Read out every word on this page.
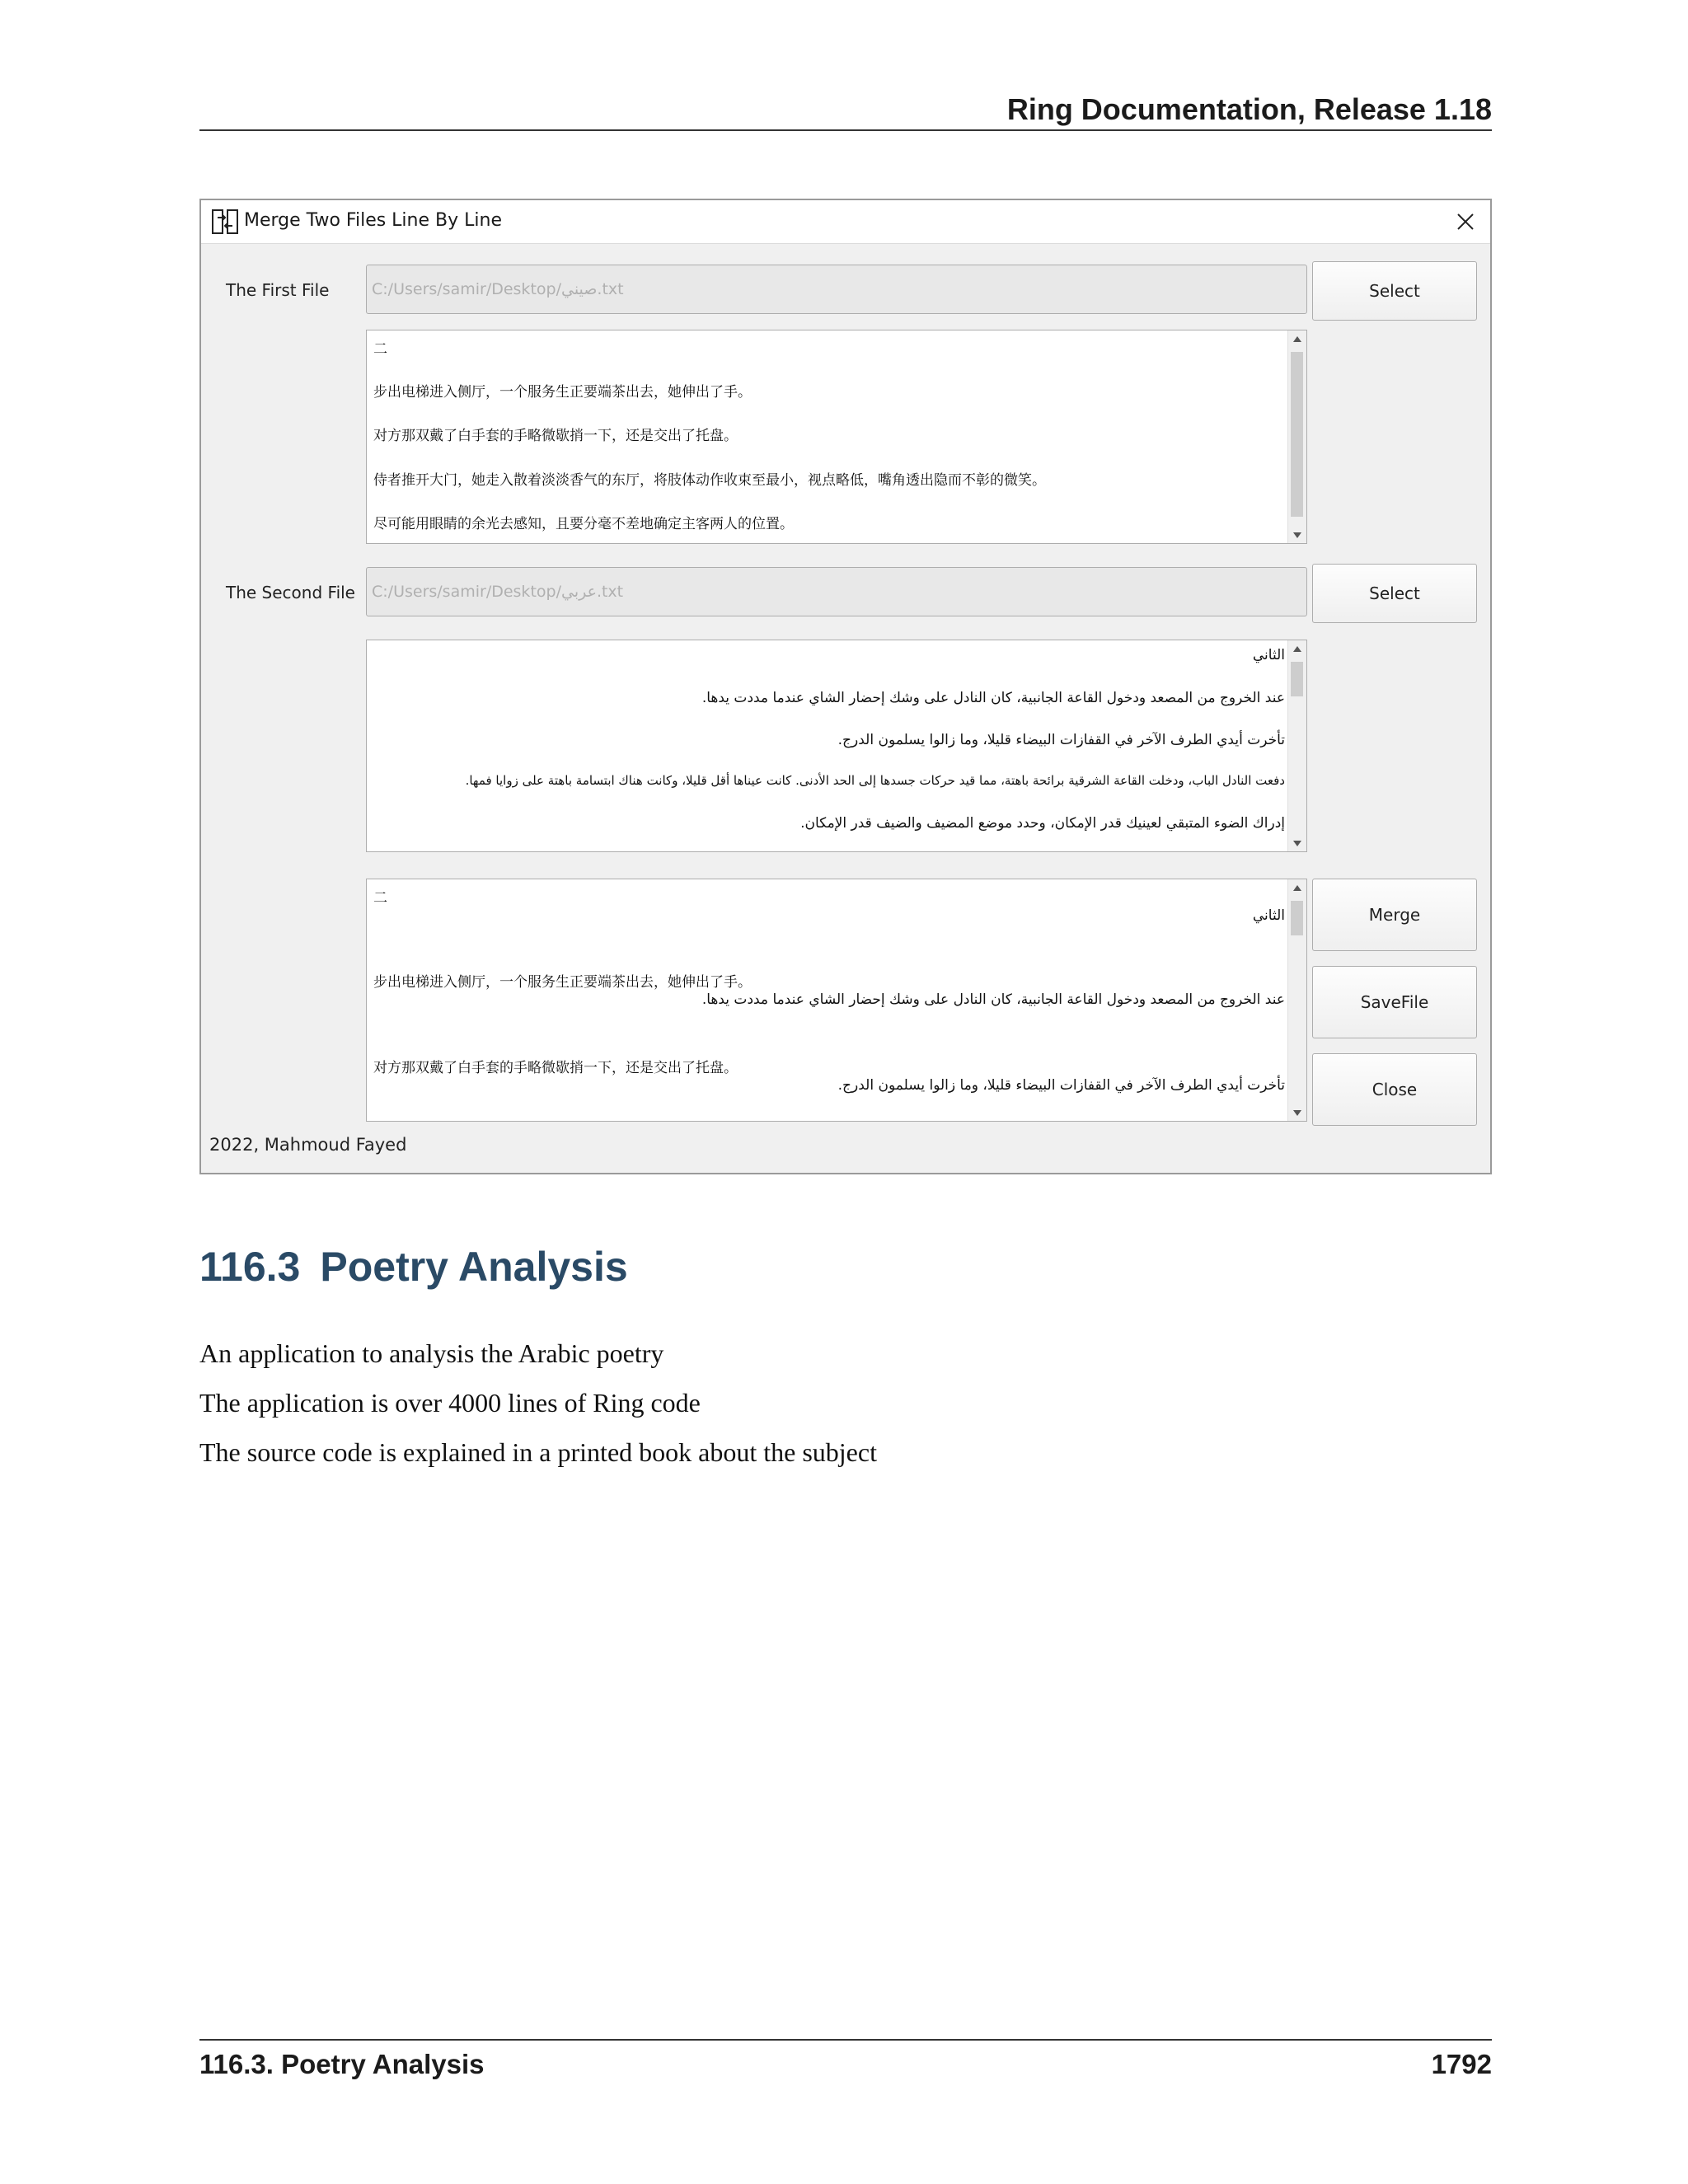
Ring Documentation, Release 1.18
Merge Two Files Line By Line
The First File	C:/Users/samir/Desktop/صيني.txt	Select
二
步出电梯进入侧厅，一个服务生正要端茶出去，她伸出了手。
对方那双戴了白手套的手略微歇捎一下，还是交出了托盘。
侍者推开大门，她走入散着淡淡香气的东厅，将肢体动作收束至最小，视点略低，嘴角透出隐而不彰的微笑。
尽可能用眼睛的余光去感知，且要分毫不差地确定主客两人的位置。
The Second File	C:/Users/samir/Desktop/عربي.txt	Select
الثاني
عند الخروج من المصعد ودخول القاعة الجانبية، كان النادل على وشك إحضار الشاي عندما مددت يدها.
تأخرت أيدي الطرف الآخر في القفازات البيضاء قليلا، وما زالوا يسلمون الدرج.
دفعت النادل الباب، ودخلت القاعة الشرقية برائحة باهتة، مما قيد حركات جسدها إلى الحد الأدنى. كانت عيناها أقل قليلا، وكانت هناك ابتسامة باهتة على زوايا فمها.
إدراك الضوء المتبقي لعينيك قدر الإمكان، وحدد موضع المضيف والضيف قدر الإمكان.
二
الثاني
步出电梯进入侧厅，一个服务生正要端茶出去，她伸出了手。
عند الخروج من المصعد ودخول القاعة الجانبية، كان النادل على وشك إحضار الشاي عندما مددت يدها.
对方那双戴了白手套的手略微歇捎一下，还是交出了托盘。
تأخرت أيدي الطرف الآخر في القفازات البيضاء قليلا، وما زالوا يسلمون الدرج.
Merge
SaveFile
Close
2022, Mahmoud Fayed
116.3 Poetry Analysis
An application to analysis the Arabic poetry
The application is over 4000 lines of Ring code
The source code is explained in a printed book about the subject
116.3. Poetry Analysis	1792
